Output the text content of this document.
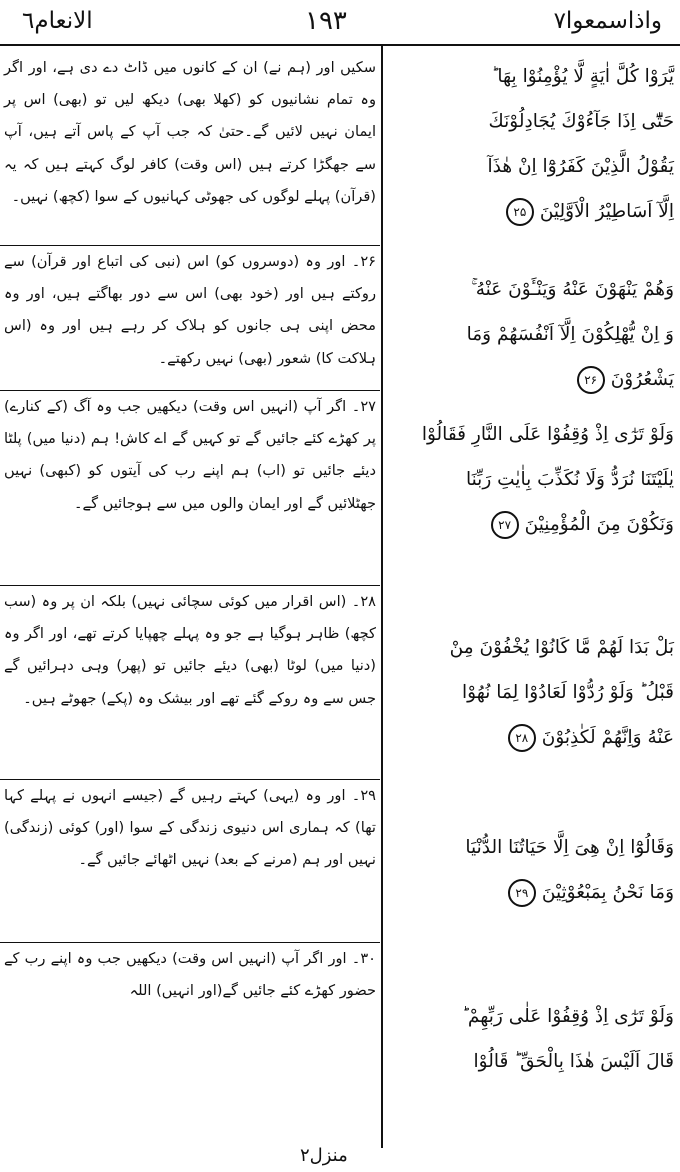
الانعام٦	١٩٣	واذاسمعوا٧

سکیں اور (ہم نے) ان کے کانوں میں ڈاٹ دے دی ہے، اور اگر وہ تمام نشانیوں کو (کھلا بھی) دیکھ لیں تو (بھی) اس پر ایمان نہیں لائیں گے۔حتیٰ کہ جب آپ کے پاس آتے ہیں، آپ سے جھگڑا کرتے ہیں (اس وقت) کافر لوگ کہتے ہیں کہ یہ (قرآن) پہلے لوگوں کی جھوٹی کہانیوں کے سوا (کچھ) نہیں۔

۲۶۔ اور وہ (دوسروں کو) اس (نبی کی اتباع اور قرآن) سے روکتے ہیں اور (خود بھی) اس سے دور بھاگتے ہیں، اور وہ محض اپنی ہی جانوں کو ہلاک کر رہے ہیں اور وہ (اس ہلاکت کا) شعور (بھی) نہیں رکھتے۔

۲۷۔ اگر آپ (انہیں اس وقت) دیکھیں جب وہ آگ (کے کنارے) پر کھڑے کئے جائیں گے تو کہیں گے اے کاش! ہم (دنیا میں) پلٹا دیئے جائیں تو (اب) ہم اپنے رب کی آیتوں کو (کبھی) نہیں جھٹلائیں گے اور ایمان والوں میں سے ہوجائیں گے۔

۲۸۔ (اس اقرار میں کوئی سچائی نہیں) بلکہ ان پر وہ (سب کچھ) ظاہر ہوگیا ہے جو وہ پہلے چھپایا کرتے تھے، اور اگر وہ (دنیا میں) لوٹا (بھی) دیئے جائیں تو (پھر) وہی دہرائیں گے جس سے وہ روکے گئے تھے اور بیشک وہ (پکے) جھوٹے ہیں۔

۲۹۔ اور وہ (یہی) کہتے رہیں گے (جیسے انہوں نے پہلے کہا تھا) کہ ہماری اس دنیوی زندگی کے سوا (اور) کوئی (زندگی) نہیں اور ہم (مرنے کے بعد) نہیں اٹھائے جائیں گے۔

۳۰۔ اور اگر آپ (انہیں اس وقت) دیکھیں جب وہ اپنے رب کے حضور کھڑے کئے جائیں گے(اور انہیں) اللہ

يَّرَوْا كُلَّ اٰيَةٍ لَّا يُؤْمِنُوْا بِهَا ؕ
حَتّٰٓى اِذَا جَآءُوْكَ يُجَادِلُوْنَكَ
يَقُوْلُ الَّذِيْنَ كَفَرُوْٓا اِنْ هٰذَآ
اِلَّآ اَسَاطِيْرُ الْاَوَّلِيْنَ۲۵
وَهُمْ يَنْهَوْنَ عَنْهُ وَيَنْـَٔوْنَ عَنْهُ ۚ
وَ اِنْ يُّهْلِكُوْنَ اِلَّآ اَنْفُسَهُمْ وَمَا
يَشْعُرُوْنَ۲۶
وَلَوْ تَرٰٓى اِذْ وُقِفُوْا عَلَى النَّارِ فَقَالُوْا
يٰلَيْتَنَا نُرَدُّ وَلَا نُكَذِّبَ بِاٰيٰتِ رَبِّنَا
وَنَكُوْنَ مِنَ الْمُؤْمِنِيْنَ۲۷
بَلْ بَدَا لَهُمْ مَّا كَانُوْا يُخْفُوْنَ مِنْ
قَبْلُ ؕ وَلَوْ رُدُّوْا لَعَادُوْا لِمَا نُهُوْا
عَنْهُ وَاِنَّهُمْ لَكٰذِبُوْنَ۲۸
وَقَالُوْٓا اِنْ هِىَ اِلَّا حَيَاتُنَا الدُّنْيَا
وَمَا نَحْنُ بِمَبْعُوْثِيْنَ۲۹
وَلَوْ تَرٰٓى اِذْ وُقِفُوْا عَلٰى رَبِّهِمْ ؕ
قَالَ اَلَيْسَ هٰذَا بِالْحَقِّ ؕ قَالُوْا
منزل٢
